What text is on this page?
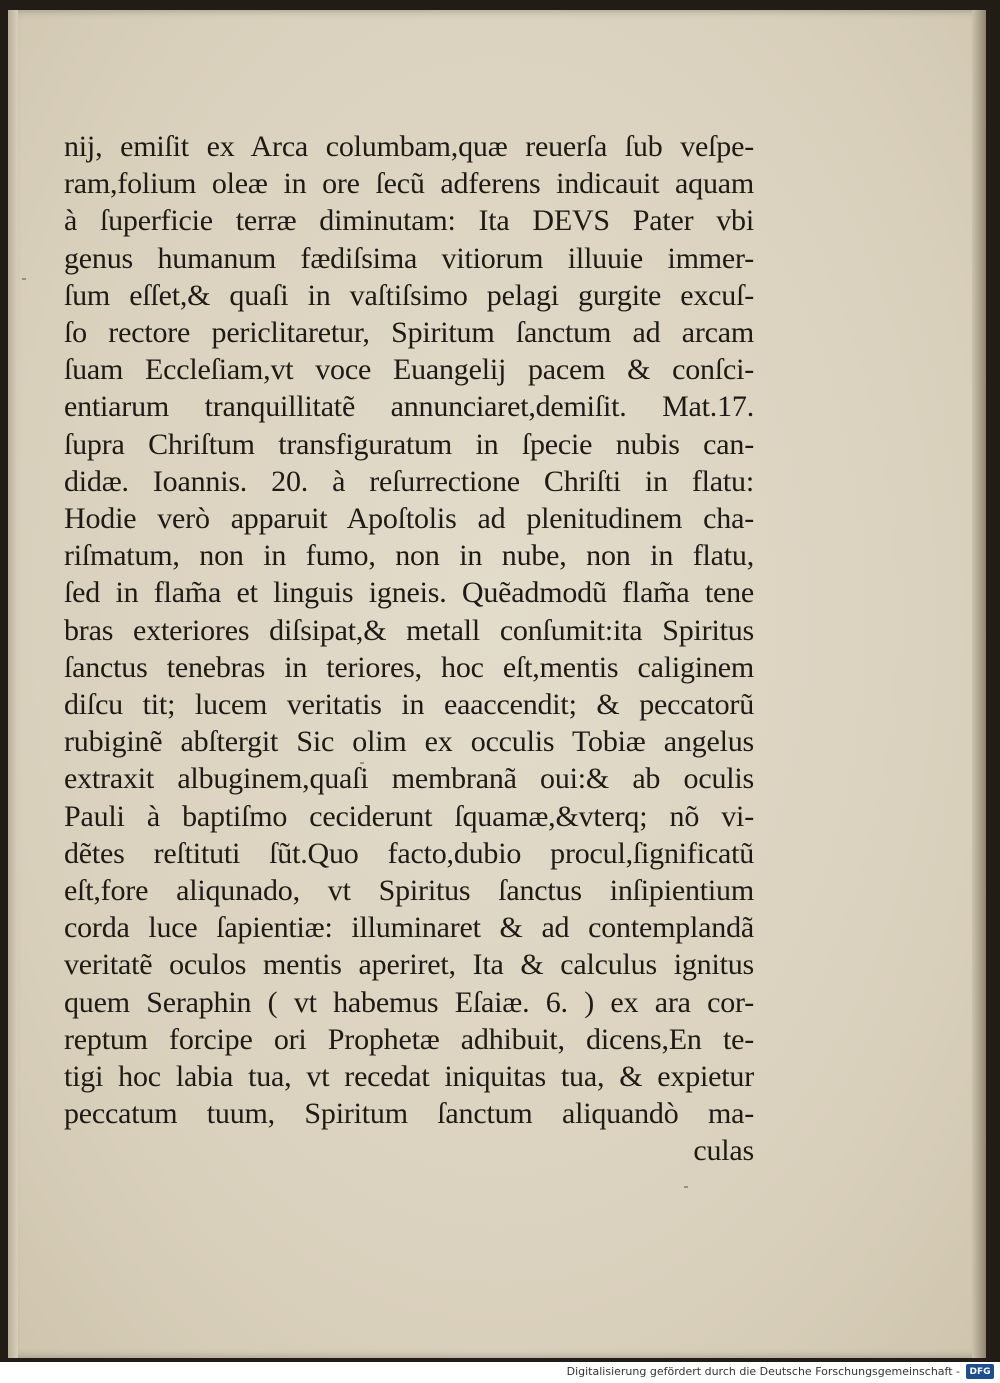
nij, emiſit ex Arca columbam,quæ reuerſa ſub veſpe-
ram,folium oleæ in ore ſecũ adferens indicauit aquam
à ſuperficie terræ diminutam: Ita DEVS Pater vbi
genus humanum fædiſsima vitiorum illuuie immer-
ſum eſſet,& quaſi in vaſtiſsimo pelagi gurgite excuſ-
ſo rectore periclitaretur, Spiritum ſanctum ad arcam
ſuam Eccleſiam,vt voce Euangelij pacem & conſci-
entiarum tranquillitatẽ annunciaret,demiſit. Mat.17.
ſupra Chriſtum transfiguratum in ſpecie nubis can-
didæ. Ioannis. 20. à reſurrectione Chriſti in flatu:
Hodie verò apparuit Apoſtolis ad plenitudinem cha-
riſmatum, non in fumo, non in nube, non in flatu,
ſed in flam̃a et linguis igneis. Quẽadmodũ flam̃a tene
bras exteriores diſsipat,& metall conſumit:ita Spiritus
ſanctus tenebras in teriores, hoc eſt,mentis caliginem
diſcu tit; lucem veritatis in eaaccendit; & peccatorũ
rubiginẽ abſtergit Sic olim ex occulis Tobiæ angelus
extraxit albuginem,quaſi membranã oui:& ab oculis
Pauli à baptiſmo ceciderunt ſquamæ,&vterq; nõ vi-
dẽtes reſtituti ſũt.Quo facto,dubio procul,ſignificatũ
eſt,fore aliqunado, vt Spiritus ſanctus inſipientium
corda luce ſapientiæ: illuminaret & ad contemplandã
veritatẽ oculos mentis aperiret, Ita & calculus ignitus
quem Seraphin ( vt habemus Eſaiæ. 6. ) ex ara cor-
reptum forcipe ori Prophetæ adhibuit, dicens,En te-
tigi hoc labia tua, vt recedat iniquitas tua, & expietur
peccatum tuum, Spiritum ſanctum aliquandò ma-
culas
Digitalisierung gefördert durch die Deutsche Forschungsgemeinschaft -	DFG
